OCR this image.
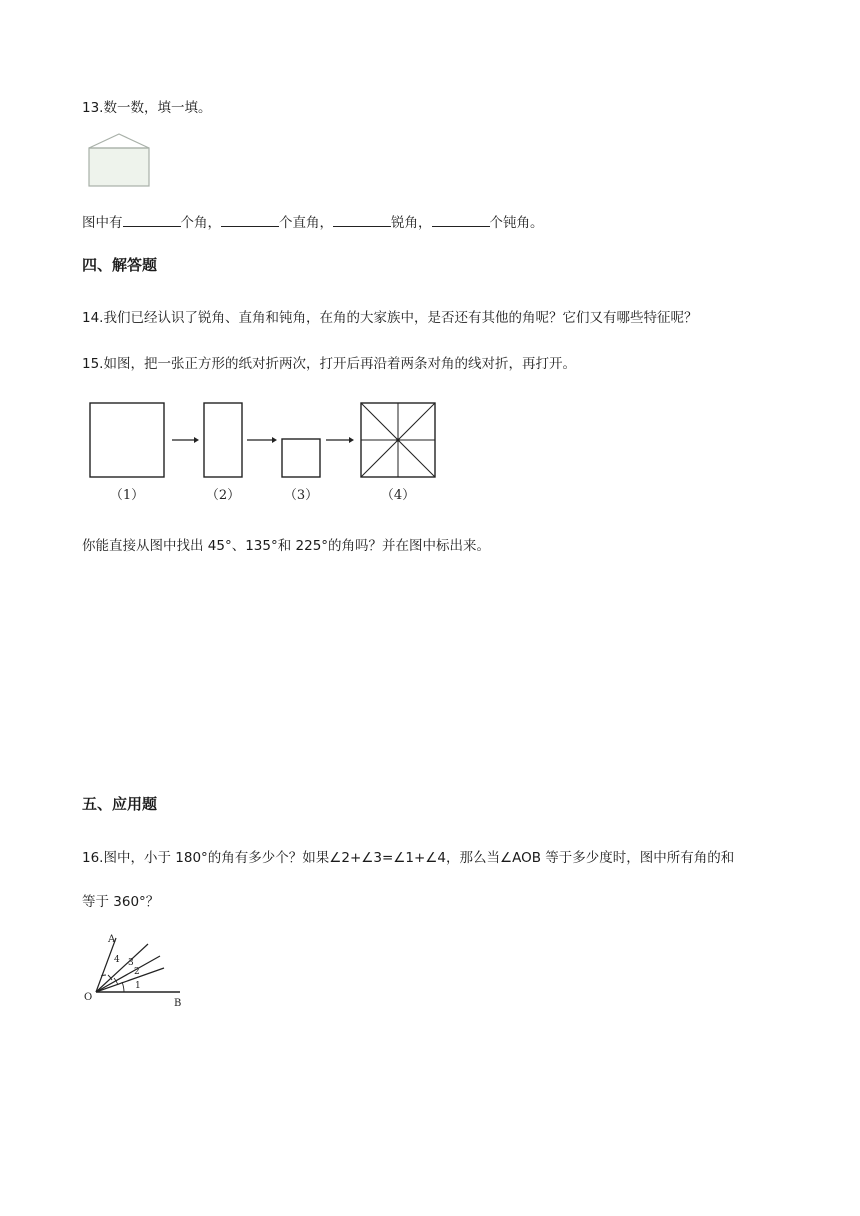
13.数一数，填一填。
图中有	个角，	个直角，	锐角，	个钝角。
四、解答题
14.我们已经认识了锐角、直角和钝角，在角的大家族中，是否还有其他的角呢？它们又有哪些特征呢？
15.如图，把一张正方形的纸对折两次，打开后再沿着两条对角的线对折，再打开。
（1）	（2）	（3）	（4）
你能直接从图中找出 45°、135°和 225°的角吗？并在图中标出来。
五、应用题
16.图中，小于 180°的角有多少个？如果∠2+∠3=∠1+∠4，那么当∠AOB 等于多少度时，图中所有角的和
等于 360°？
A
O
B
1
2
3
4
